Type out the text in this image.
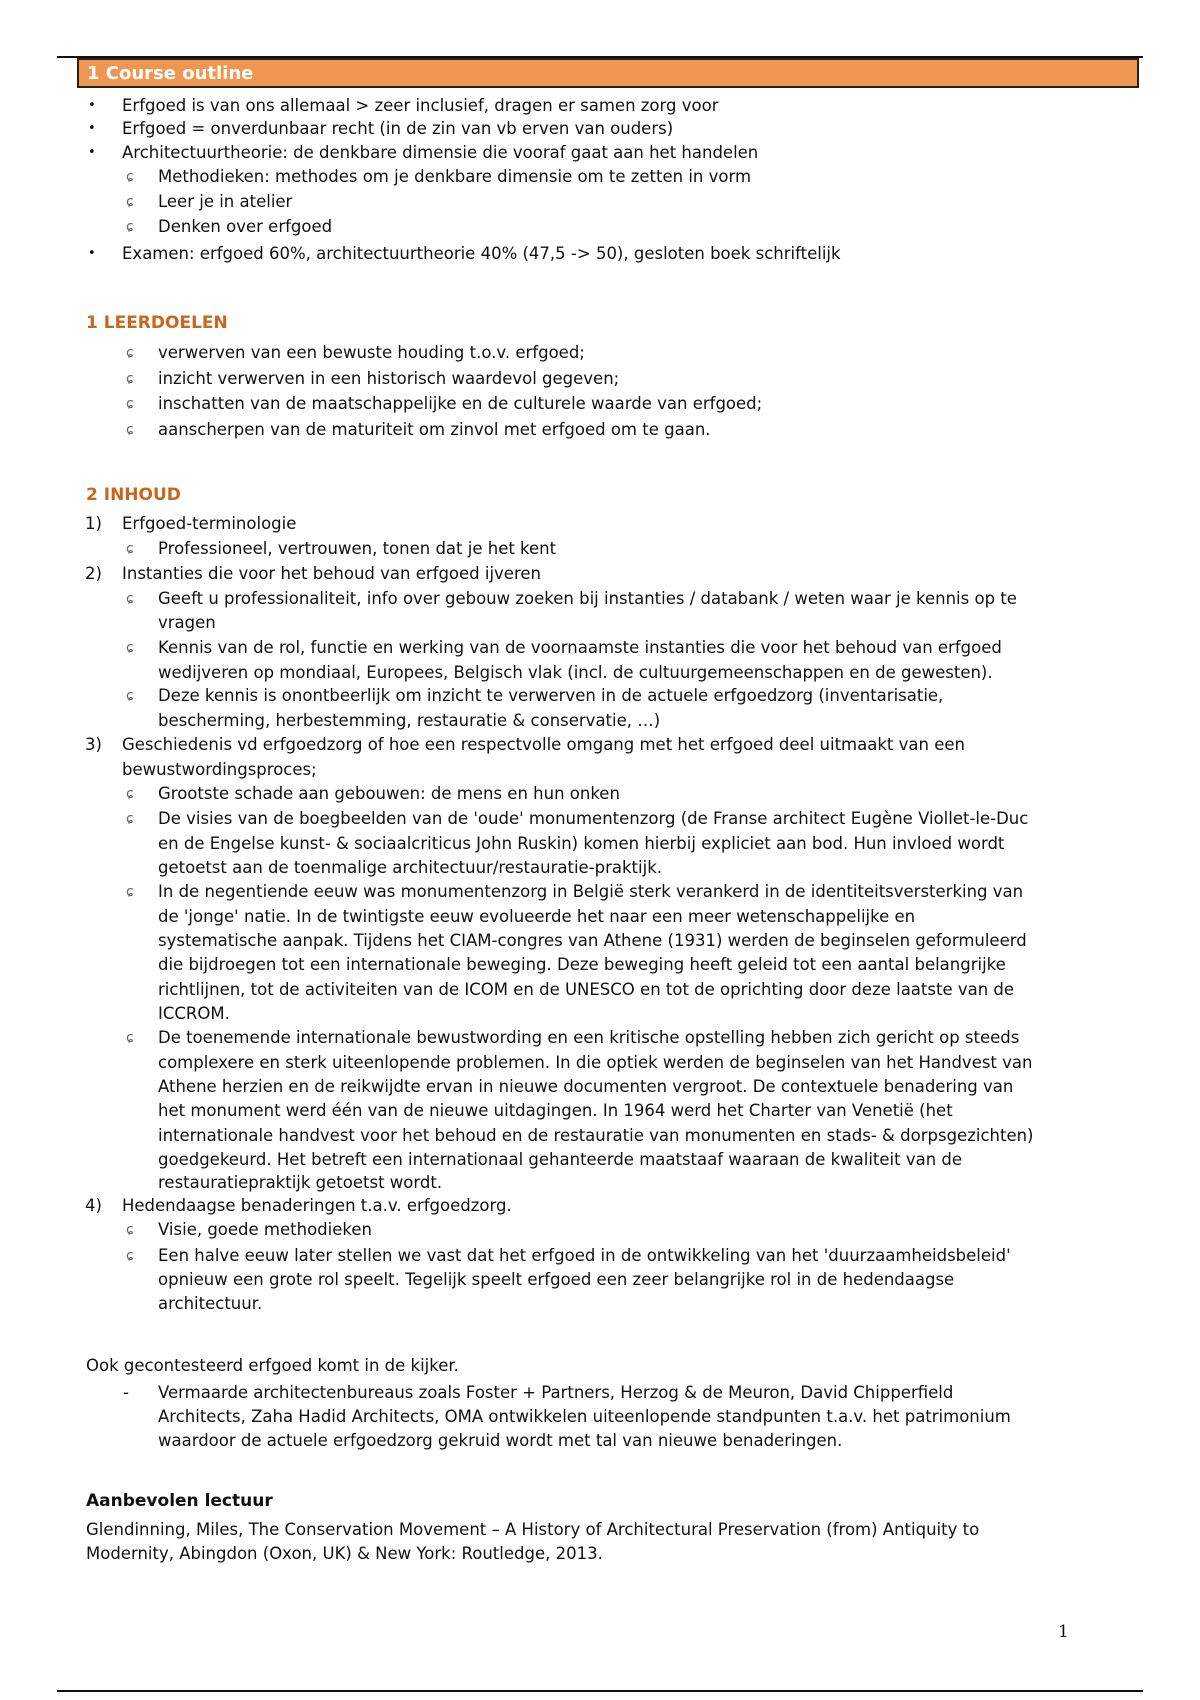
1 Course outline
• Erfgoed is van ons allemaal > zeer inclusief, dragen er samen zorg voor
• Erfgoed = onverdunbaar recht (in de zin van vb erven van ouders)
• Architectuurtheorie: de denkbare dimensie die vooraf gaat aan het handelen
ɕ Methodieken: methodes om je denkbare dimensie om te zetten in vorm
ɕ Leer je in atelier
ɕ Denken over erfgoed
• Examen: erfgoed 60%, architectuurtheorie 40% (47,5 -> 50), gesloten boek schriftelijk
1 LEERDOELEN
ɕ verwerven van een bewuste houding t.o.v. erfgoed;
ɕ inzicht verwerven in een historisch waardevol gegeven;
ɕ inschatten van de maatschappelijke en de culturele waarde van erfgoed;
ɕ aanscherpen van de maturiteit om zinvol met erfgoed om te gaan.
2 INHOUD
1) Erfgoed-terminologie
ɕ Professioneel, vertrouwen, tonen dat je het kent
2) Instanties die voor het behoud van erfgoed ijveren
ɕ Geeft u professionaliteit, info over gebouw zoeken bij instanties / databank / weten waar je kennis op te
vragen
ɕ Kennis van de rol, functie en werking van de voornaamste instanties die voor het behoud van erfgoed
wedijveren op mondiaal, Europees, Belgisch vlak (incl. de cultuurgemeenschappen en de gewesten).
ɕ Deze kennis is onontbeerlijk om inzicht te verwerven in de actuele erfgoedzorg (inventarisatie,
bescherming, herbestemming, restauratie & conservatie, …)
3) Geschiedenis vd erfgoedzorg of hoe een respectvolle omgang met het erfgoed deel uitmaakt van een
bewustwordingsproces;
ɕ Grootste schade aan gebouwen: de mens en hun onken
ɕ De visies van de boegbeelden van de 'oude' monumentenzorg (de Franse architect Eugène Viollet-le-Duc
en de Engelse kunst- & sociaalcriticus John Ruskin) komen hierbij expliciet aan bod. Hun invloed wordt
getoetst aan de toenmalige architectuur/restauratie-praktijk.
ɕ In de negentiende eeuw was monumentenzorg in België sterk verankerd in de identiteitsversterking van
de 'jonge' natie. In de twintigste eeuw evolueerde het naar een meer wetenschappelijke en
systematische aanpak. Tijdens het CIAM-congres van Athene (1931) werden de beginselen geformuleerd
die bijdroegen tot een internationale beweging. Deze beweging heeft geleid tot een aantal belangrijke
richtlijnen, tot de activiteiten van de ICOM en de UNESCO en tot de oprichting door deze laatste van de
ICCROM.
ɕ De toenemende internationale bewustwording en een kritische opstelling hebben zich gericht op steeds
complexere en sterk uiteenlopende problemen. In die optiek werden de beginselen van het Handvest van
Athene herzien en de reikwijdte ervan in nieuwe documenten vergroot. De contextuele benadering van
het monument werd één van de nieuwe uitdagingen. In 1964 werd het Charter van Venetië (het
internationale handvest voor het behoud en de restauratie van monumenten en stads- & dorpsgezichten)
goedgekeurd. Het betreft een internationaal gehanteerde maatstaaf waaraan de kwaliteit van de
restauratiepraktijk getoetst wordt.
4) Hedendaagse benaderingen t.a.v. erfgoedzorg.
ɕ Visie, goede methodieken
ɕ Een halve eeuw later stellen we vast dat het erfgoed in de ontwikkeling van het 'duurzaamheidsbeleid'
opnieuw een grote rol speelt. Tegelijk speelt erfgoed een zeer belangrijke rol in de hedendaagse
architectuur.
Ook gecontesteerd erfgoed komt in de kijker.
- Vermaarde architectenbureaus zoals Foster + Partners, Herzog & de Meuron, David Chipperfield
Architects, Zaha Hadid Architects, OMA ontwikkelen uiteenlopende standpunten t.a.v. het patrimonium
waardoor de actuele erfgoedzorg gekruid wordt met tal van nieuwe benaderingen.
Aanbevolen lectuur
Glendinning, Miles, The Conservation Movement – A History of Architectural Preservation (from) Antiquity to
Modernity, Abingdon (Oxon, UK) & New York: Routledge, 2013.
1
